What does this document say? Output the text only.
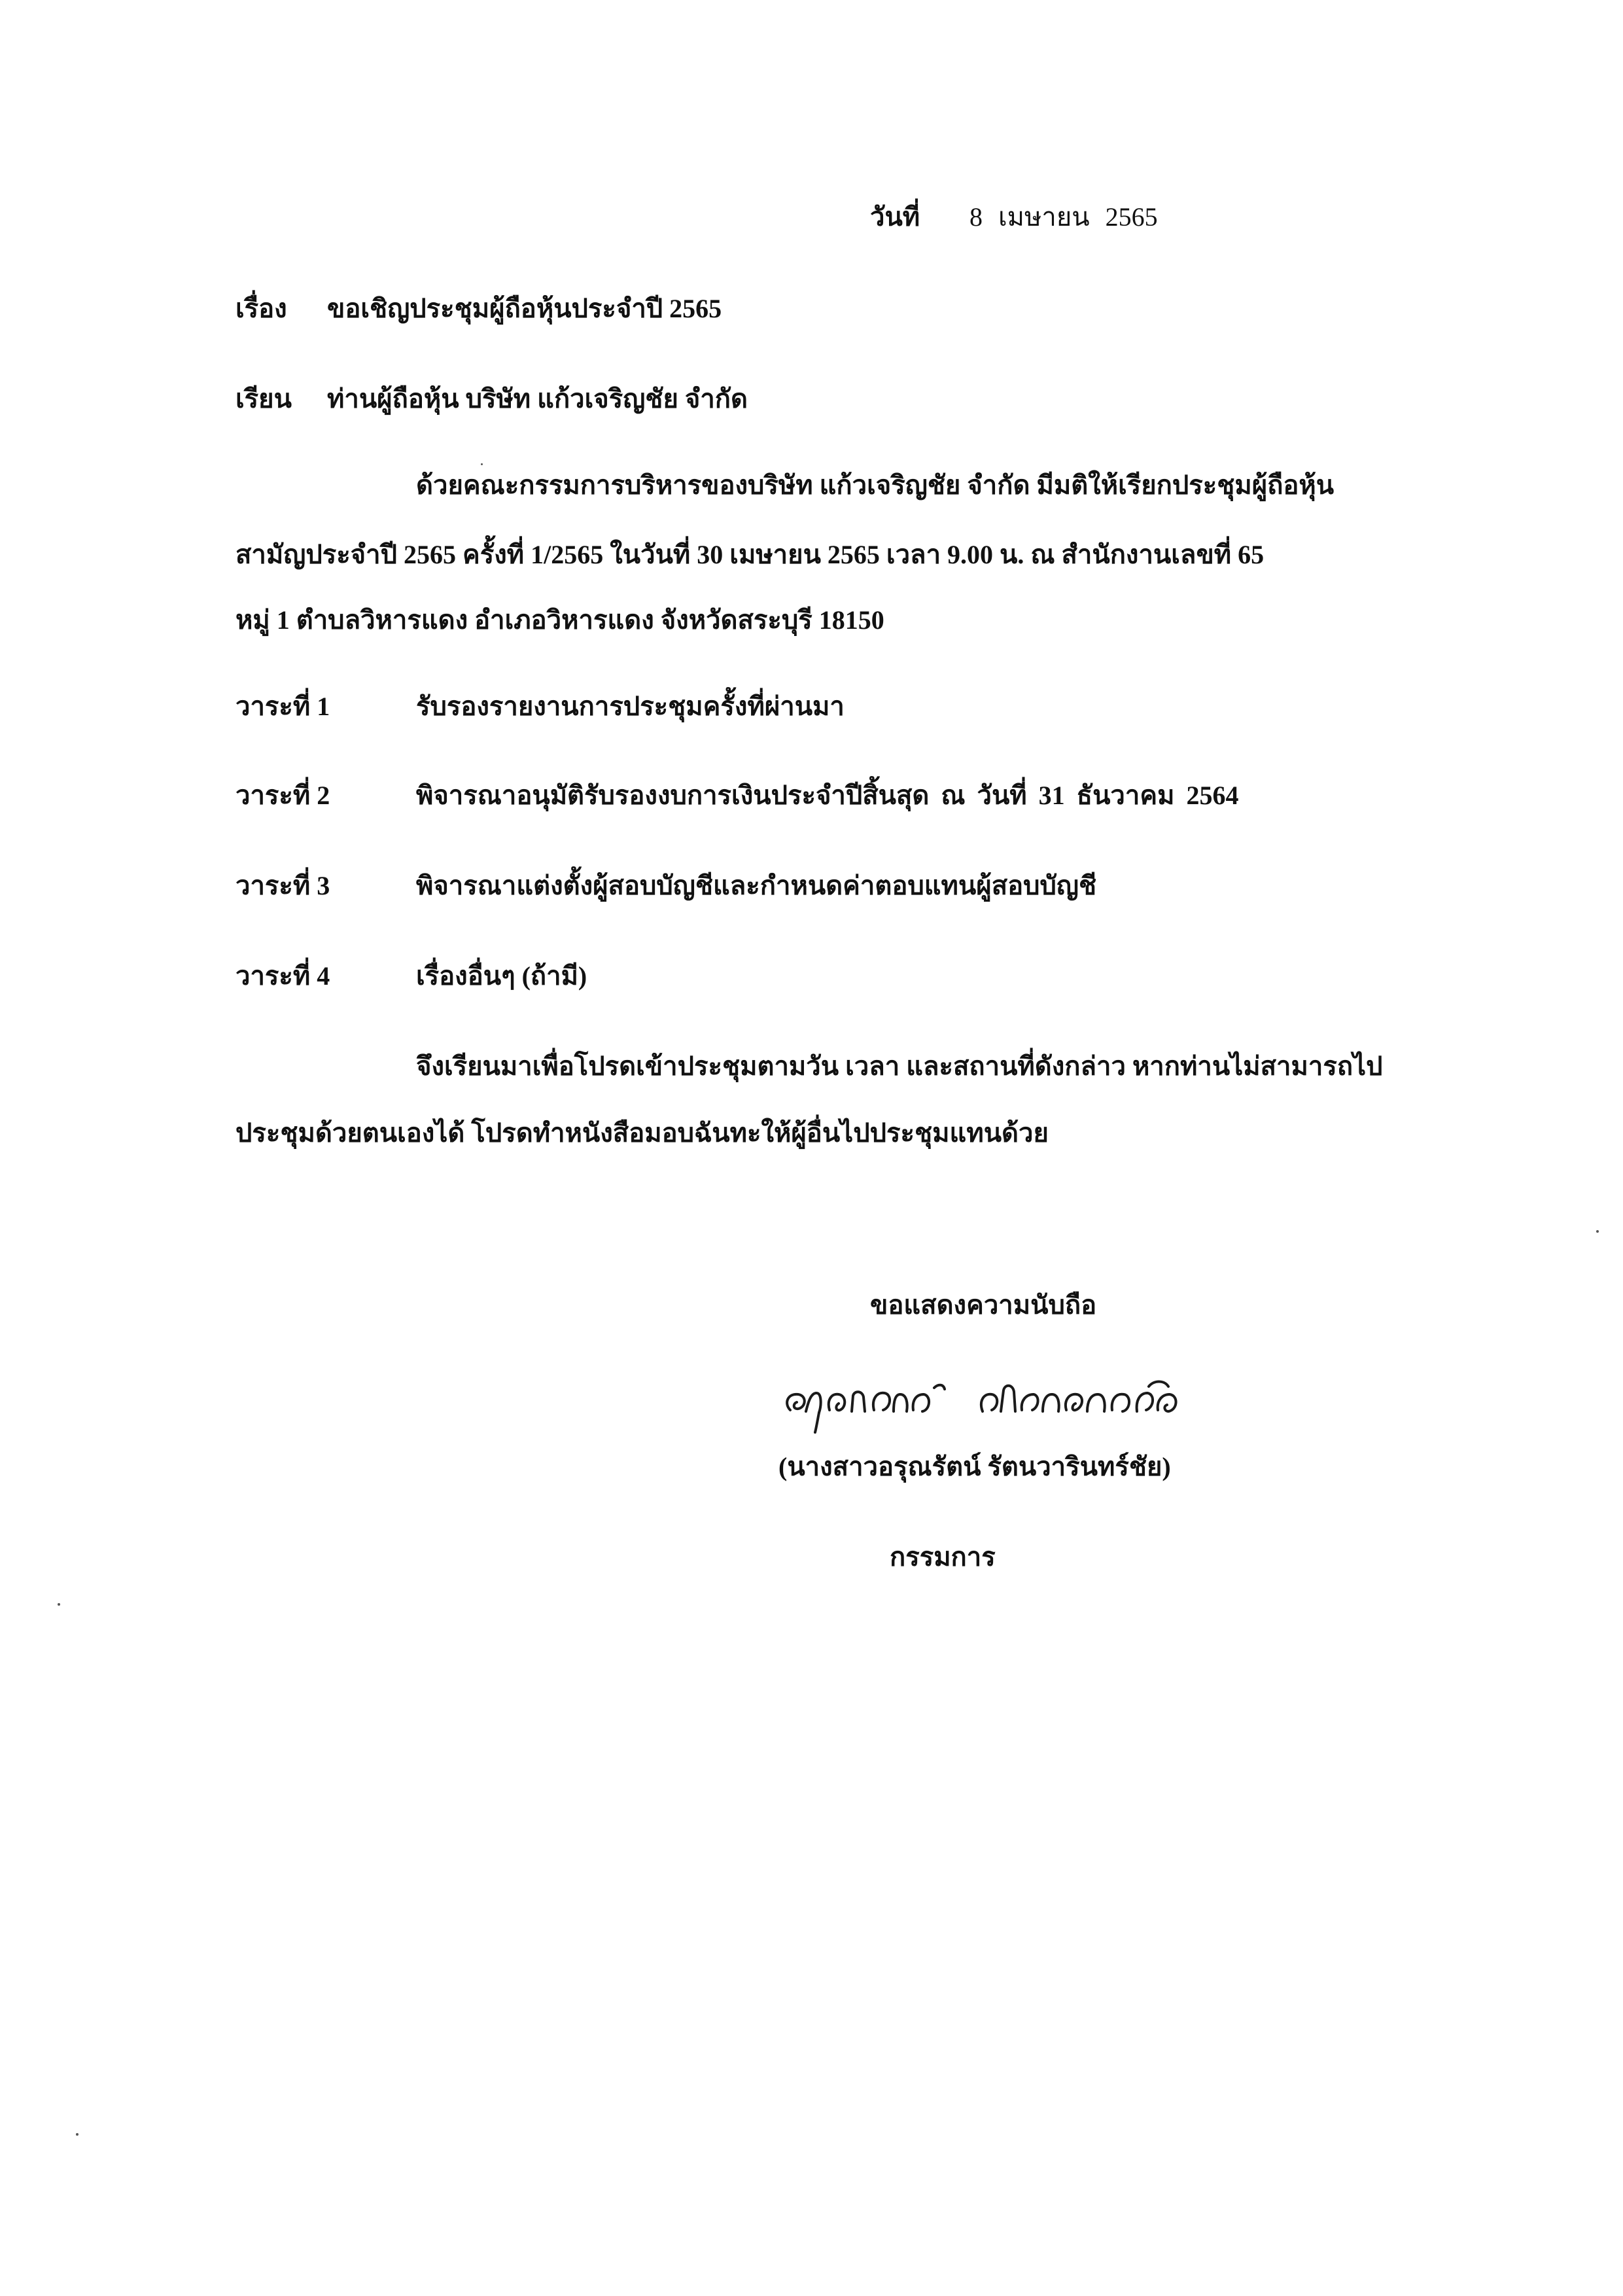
วันที่ 8 เมษายน 2565
เรื่อง ขอเชิญประชุมผู้ถือหุ้นประจำปี 2565
เรียน ท่านผู้ถือหุ้น บริษัท แก้วเจริญชัย จำกัด
ด้วยคณะกรรมการบริหารของบริษัท แก้วเจริญชัย จำกัด มีมติให้เรียกประชุมผู้ถือหุ้น
สามัญประจำปี 2565 ครั้งที่ 1/2565 ในวันที่ 30 เมษายน 2565 เวลา 9.00 น. ณ สำนักงานเลขที่ 65
หมู่ 1 ตำบลวิหารแดง อำเภอวิหารแดง จังหวัดสระบุรี 18150
วาระที่ 1	รับรองรายงานการประชุมครั้งที่ผ่านมา
วาระที่ 2	พิจารณาอนุมัติรับรองงบการเงินประจำปีสิ้นสุด ณ วันที่ 31 ธันวาคม 2564
วาระที่ 3	พิจารณาแต่งตั้งผู้สอบบัญชีและกำหนดค่าตอบแทนผู้สอบบัญชี
วาระที่ 4	เรื่องอื่นๆ (ถ้ามี)
จึงเรียนมาเพื่อโปรดเข้าประชุมตามวัน เวลา และสถานที่ดังกล่าว หากท่านไม่สามารถไป
ประชุมด้วยตนเองได้ โปรดทำหนังสือมอบฉันทะให้ผู้อื่นไปประชุมแทนด้วย
ขอแสดงความนับถือ
(นางสาวอรุณรัตน์ รัตนวารินทร์ชัย)
กรรมการ
